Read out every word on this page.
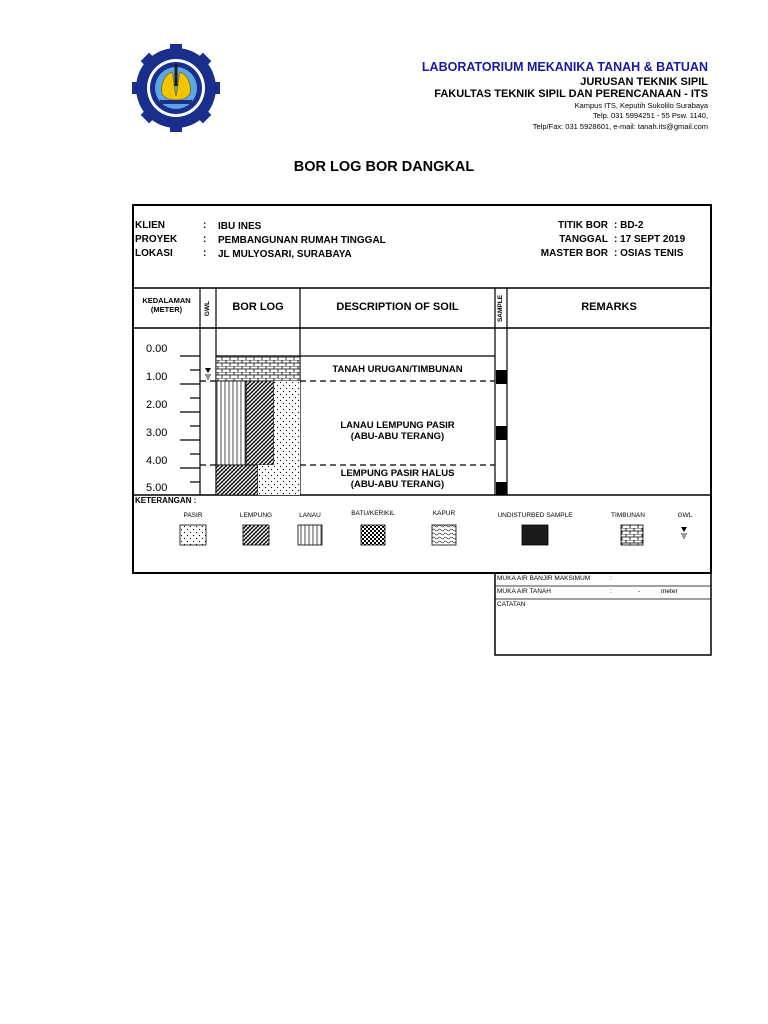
LABORATORIUM MEKANIKA TANAH & BATUAN
JURUSAN TEKNIK SIPIL
FAKULTAS TEKNIK SIPIL DAN PERENCANAAN - ITS
Kampus ITS, Keputih Sukolilo Surabaya
Telp. 031 5994251 - 55 Psw. 1140,
Telp/Fax: 031 5928601, e-mail: tanah.its@gmail.com
BOR LOG BOR DANGKAL
KLIEN	: IBU INES
PROYEK	: PEMBANGUNAN RUMAH TINGGAL
LOKASI	: JL MULYOSARI, SURABAYA
TITIK BOR : BD-2
TANGGAL : 17 SEPT 2019
MASTER BOR : OSIAS TENIS
KEDALAMAN
(METER)	GWL	BOR LOG	DESCRIPTION OF SOIL	SAMPLE	REMARKS
0.00
1.00
2.00
3.00
4.00
5.00
TANAH URUGAN/TIMBUNAN
LANAU LEMPUNG PASIR
(ABU-ABU TERANG)
LEMPUNG PASIR HALUS
(ABU-ABU TERANG)
KETERANGAN :
PASIR	LEMPUNG	LANAU	BATU/KERIKIL	KAPUR	UNDISTURBED SAMPLE	TIMBUNAN	GWL
MUKA AIR BANJIR MAKSIMUM	:
MUKA AIR TANAH	:	-	meter
CATATAN
